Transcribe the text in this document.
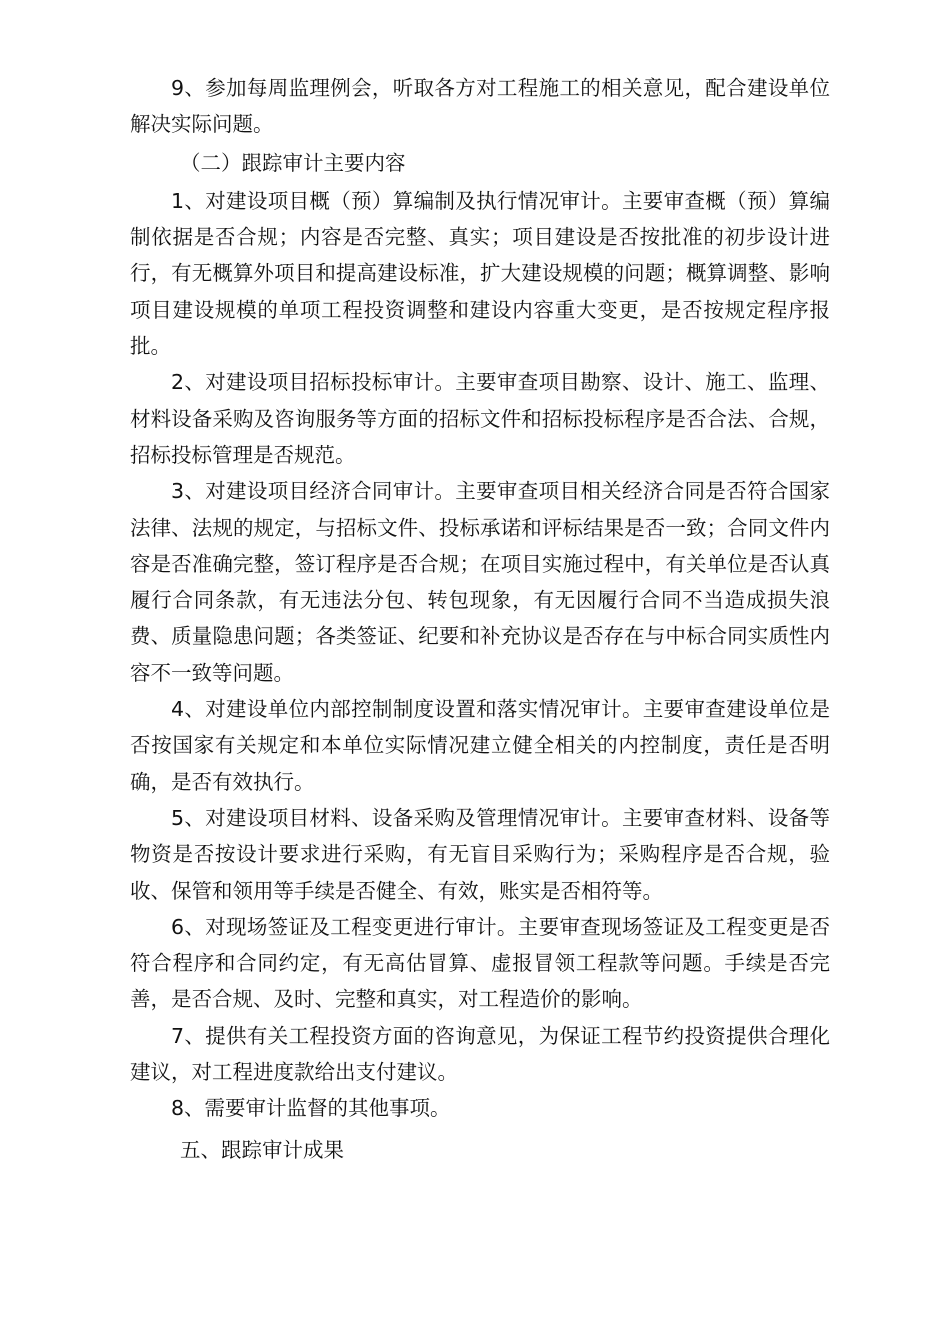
9、参加每周监理例会，听取各方对工程施工的相关意见，配合建设单位解决实际问题。

（二）跟踪审计主要内容

1、对建设项目概（预）算编制及执行情况审计。主要审查概（预）算编制依据是否合规；内容是否完整、真实；项目建设是否按批准的初步设计进行，有无概算外项目和提高建设标准，扩大建设规模的问题；概算调整、影响项目建设规模的单项工程投资调整和建设内容重大变更，是否按规定程序报批。

2、对建设项目招标投标审计。主要审查项目勘察、设计、施工、监理、材料设备采购及咨询服务等方面的招标文件和招标投标程序是否合法、合规，招标投标管理是否规范。

3、对建设项目经济合同审计。主要审查项目相关经济合同是否符合国家法律、法规的规定，与招标文件、投标承诺和评标结果是否一致；合同文件内容是否准确完整，签订程序是否合规；在项目实施过程中，有关单位是否认真履行合同条款，有无违法分包、转包现象，有无因履行合同不当造成损失浪费、质量隐患问题；各类签证、纪要和补充协议是否存在与中标合同实质性内容不一致等问题。

4、对建设单位内部控制制度设置和落实情况审计。主要审查建设单位是否按国家有关规定和本单位实际情况建立健全相关的内控制度，责任是否明确，是否有效执行。

5、对建设项目材料、设备采购及管理情况审计。主要审查材料、设备等物资是否按设计要求进行采购，有无盲目采购行为；采购程序是否合规，验收、保管和领用等手续是否健全、有效，账实是否相符等。

6、对现场签证及工程变更进行审计。主要审查现场签证及工程变更是否符合程序和合同约定，有无高估冒算、虚报冒领工程款等问题。手续是否完善，是否合规、及时、完整和真实，对工程造价的影响。

7、提供有关工程投资方面的咨询意见，为保证工程节约投资提供合理化建议，对工程进度款给出支付建议。

8、需要审计监督的其他事项。

五、跟踪审计成果
